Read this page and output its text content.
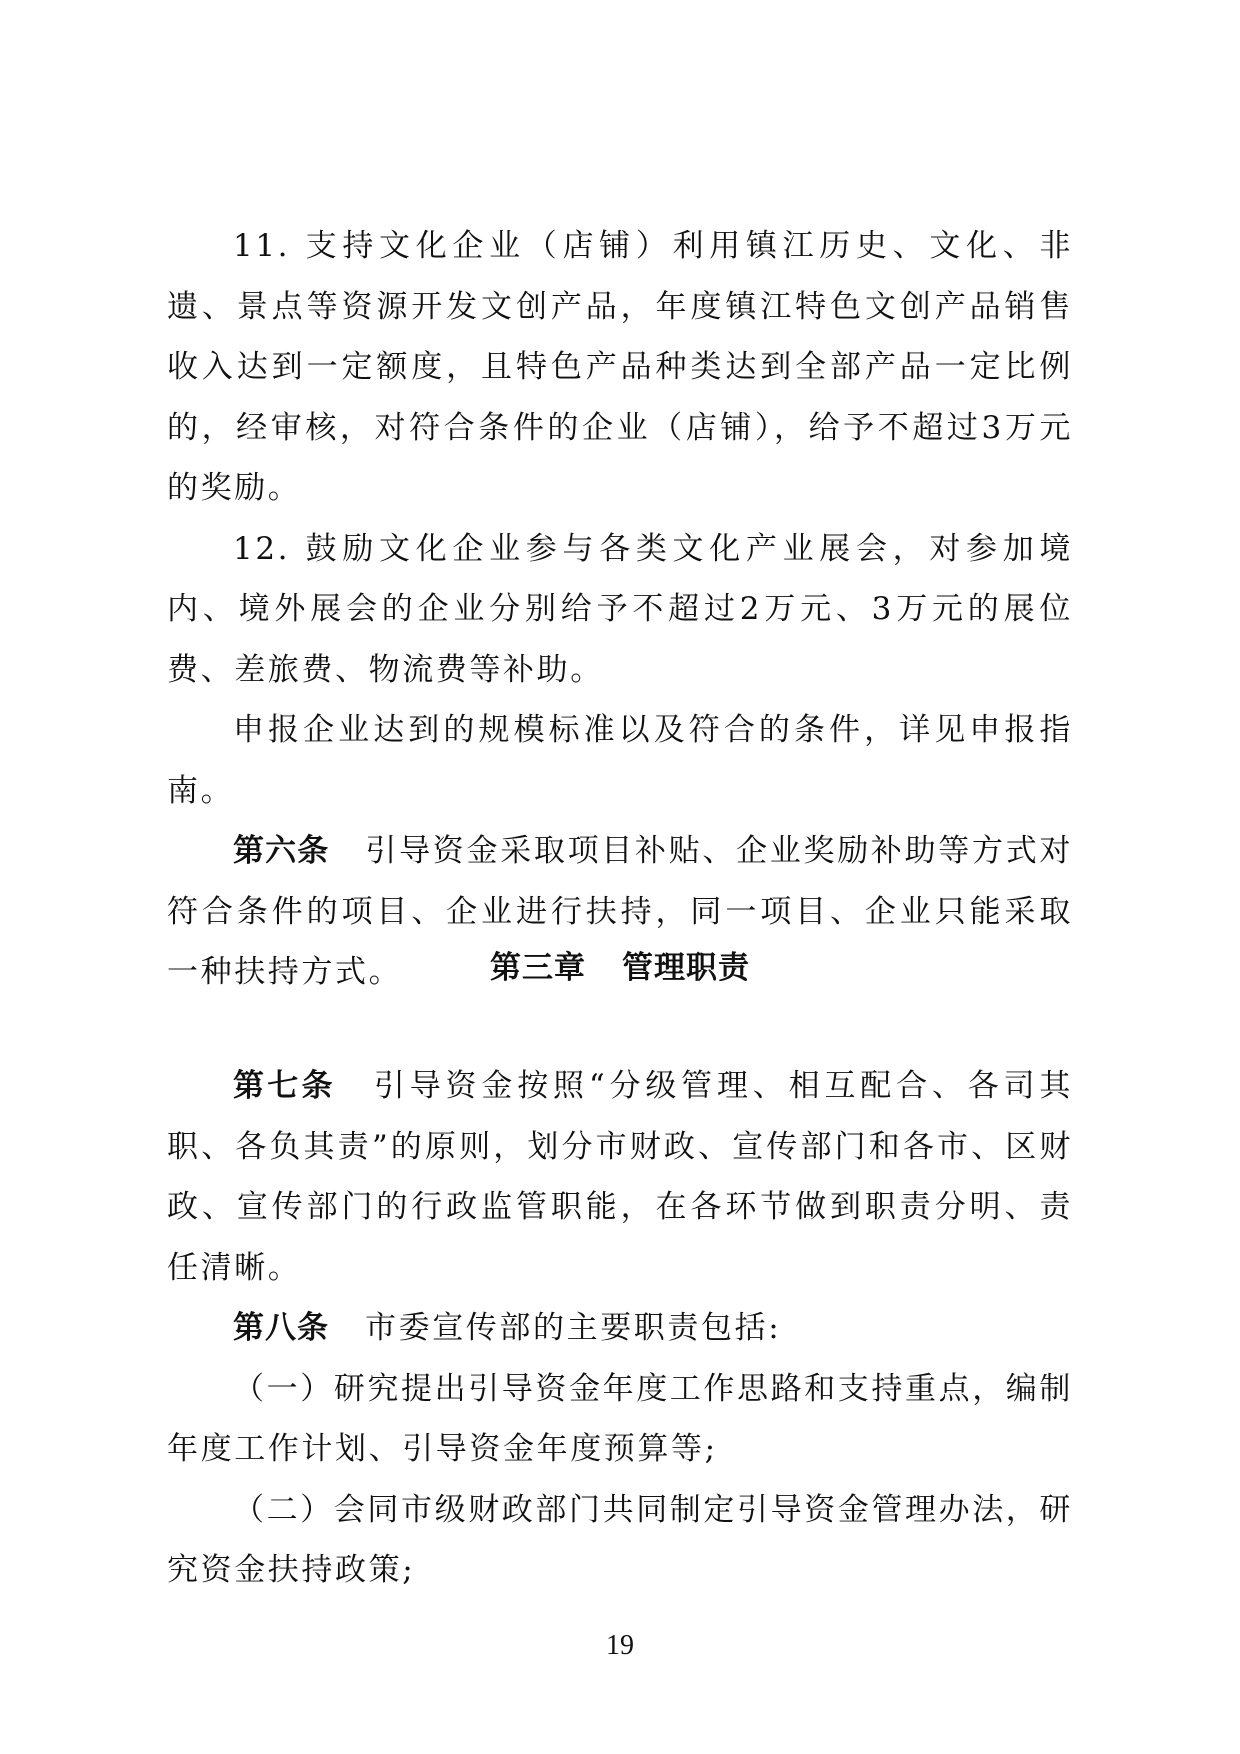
11. 支持文化企业（店铺）利用镇江历史、文化、非遗、景点等资源开发文创产品，年度镇江特色文创产品销售收入达到一定额度，且特色产品种类达到全部产品一定比例的，经审核，对符合条件的企业（店铺），给予不超过3万元的奖励。

12. 鼓励文化企业参与各类文化产业展会，对参加境内、境外展会的企业分别给予不超过2万元、3万元的展位费、差旅费、物流费等补助。

申报企业达到的规模标准以及符合的条件，详见申报指南。

第六条 引导资金采取项目补贴、企业奖励补助等方式对符合条件的项目、企业进行扶持，同一项目、企业只能采取一种扶持方式。	第三章 管理职责

第七条 引导资金按照“分级管理、相互配合、各司其职、各负其责”的原则，划分市财政、宣传部门和各市、区财政、宣传部门的行政监管职能，在各环节做到职责分明、责任清晰。

第八条 市委宣传部的主要职责包括:

（一）研究提出引导资金年度工作思路和支持重点，编制年度工作计划、引导资金年度预算等;

（二）会同市级财政部门共同制定引导资金管理办法，研究资金扶持政策;

19
